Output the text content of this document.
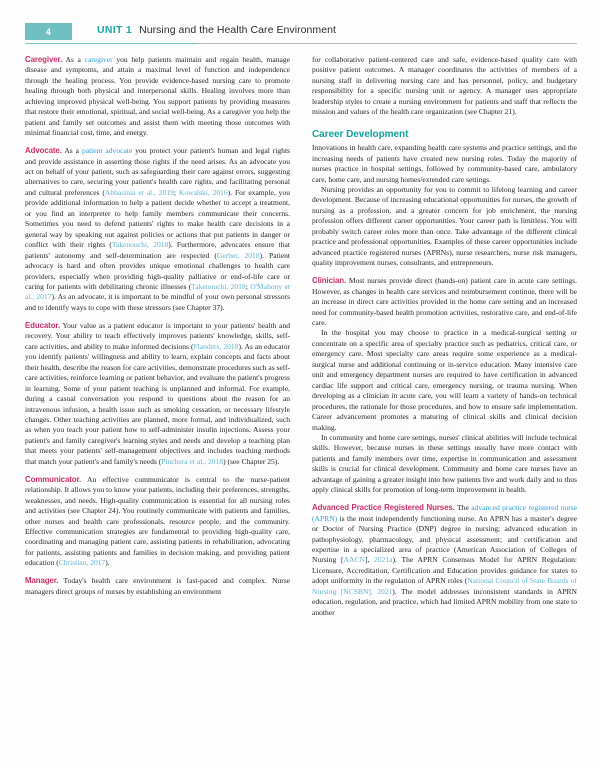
4	UNIT 1 Nursing and the Health Care Environment

Caregiver. As a caregiver you help patients maintain and regain health, manage disease and symptoms, and attain a maximal level of function and independence through the healing process. You provide evidence-based nursing care to promote healing through both physical and interpersonal skills. Healing involves more than achieving improved physical well-being. You support patients by providing measures that restore their emotional, spiritual, and social well-being. As a caregiver you help the patient and family set outcomes and assist them with meeting those outcomes with minimal financial cost, time, and energy.

Advocate. As a patient advocate you protect your patient's human and legal rights and provide assistance in asserting those rights if the need arises. As an advocate you act on behalf of your patient, such as safeguarding their care against errors, suggesting alternatives to care, securing your patient's health care rights, and facilitating personal and cultural preferences (Abbasinia et al., 2019; Kowalski, 2016). For example, you provide additional information to help a patient decide whether to accept a treatment, or you find an interpreter to help family members communicate their concerns. Sometimes you need to defend patients' rights to make health care decisions in a general way by speaking out against policies or actions that put patients in danger or conflict with their rights (Takenouchi, 2018). Furthermore, advocates ensure that patients' autonomy and self-determination are respected (Gerber, 2018). Patient advocacy is hard and often provides unique emotional challenges to health care providers, especially when providing high-quality palliative or end-of-life care or caring for patients with debilitating chronic illnesses (Takenouchi, 2018; O'Mahony et al., 2017). As an advocate, it is important to be mindful of your own personal stressors and to identify ways to cope with these stressors (see Chapter 37).

Educator. Your value as a patient educator is important to your patients' health and recovery. Your ability to teach effectively improves patients' knowledge, skills, self-care activities, and ability to make informed decisions (Flanders, 2018). As an educator you identify patients' willingness and ability to learn, explain concepts and facts about their health, describe the reason for care activities, demonstrate procedures such as self-care activities, reinforce learning or patient behavior, and evaluate the patient's progress in learning. Some of your patient teaching is unplanned and informal. For example, during a casual conversation you respond to questions about the reason for an intravenous infusion, a health issue such as smoking cessation, or necessary lifestyle changes. Other teaching activities are planned, more formal, and individualized, such as when you teach your patient how to self-administer insulin injections. Assess your patient's and family caregiver's learning styles and needs and develop a teaching plan that meets your patients' self-management objectives and includes teaching methods that match your patient's and family's needs (Pinchera et al., 2018) (see Chapter 25).

Communicator. An effective communicator is central to the nurse-patient relationship. It allows you to know your patients, including their preferences, strengths, weaknesses, and needs. High-quality communication is essential for all nursing roles and activities (see Chapter 24). You routinely communicate with patients and families, other nurses and health care professionals, resource people, and the community. Effective communication strategies are fundamental to providing high-quality care, coordinating and managing patient care, assisting patients in rehabilitation, advocating for patients, assisting patients and families in decision making, and providing patient education (Christian, 2017).

Manager. Today's health care environment is fast-paced and complex. Nurse managers direct groups of nurses by establishing an environment

for collaborative patient-centered care and safe, evidence-based quality care with positive patient outcomes. A manager coordinates the activities of members of a nursing staff in delivering nursing care and has personnel, policy, and budgetary responsibility for a specific nursing unit or agency. A manager uses appropriate leadership styles to create a nursing environment for patients and staff that reflects the mission and values of the health care organization (see Chapter 21).

Career Development

Innovations in health care, expanding health care systems and practice settings, and the increasing needs of patients have created new nursing roles. Today the majority of nurses practice in hospital settings, followed by community-based care, ambulatory care, home care, and nursing homes/extended care settings.

Nursing provides an opportunity for you to commit to lifelong learning and career development. Because of increasing educational opportunities for nurses, the growth of nursing as a profession, and a greater concern for job enrichment, the nursing profession offers different career opportunities. Your career path is limitless. You will probably switch career roles more than once. Take advantage of the different clinical practice and professional opportunities. Examples of these career opportunities include advanced practice registered nurses (APRNs), nurse researchers, nurse risk managers, quality improvement nurses, consultants, and entrepreneurs.

Clinician. Most nurses provide direct (hands-on) patient care in acute care settings. However, as changes in health care services and reimbursement continue, there will be an increase in direct care activities provided in the home care setting and an increased need for community-based health promotion activities, restorative care, and end-of-life care.

In the hospital you may choose to practice in a medical-surgical setting or concentrate on a specific area of specialty practice such as pediatrics, critical care, or emergency care. Most specialty care areas require some experience as a medical-surgical nurse and additional continuing or in-service education. Many intensive care unit and emergency department nurses are required to have certification in advanced cardiac life support and critical care, emergency nursing, or trauma nursing. When developing as a clinician in acute care, you will learn a variety of hands-on technical procedures, the rationale for those procedures, and how to ensure safe implementation. Career advancement promotes a maturing of clinical skills and clinical decision making.

In community and home care settings, nurses' clinical abilities will include technical skills. However, because nurses in these settings usually have more contact with patients and family members over time, expertise in communication and assessment skills is crucial for clinical development. Community and home care nurses have an advantage of gaining a greater insight into how patients live and work daily and to thus apply clinical skills for promotion of long-term improvement in health.

Advanced Practice Registered Nurses. The advanced practice registered nurse (APRN) is the most independently functioning nurse. An APRN has a master's degree or Doctor of Nursing Practice (DNP) degree in nursing; advanced education in pathophysiology, pharmacology, and physical assessment; and certification and expertise in a specialized area of practice (American Association of Colleges of Nursing [AACN], 2021a). The APRN Consensus Model for APRN Regulation: Licensure, Accreditation, Certification and Education provides guidance for states to adopt uniformity in the regulation of APRN roles (National Council of State Boards of Nursing [NCSBN], 2021). The model addresses inconsistent standards in APRN education, regulation, and practice, which had limited APRN mobility from one state to another
